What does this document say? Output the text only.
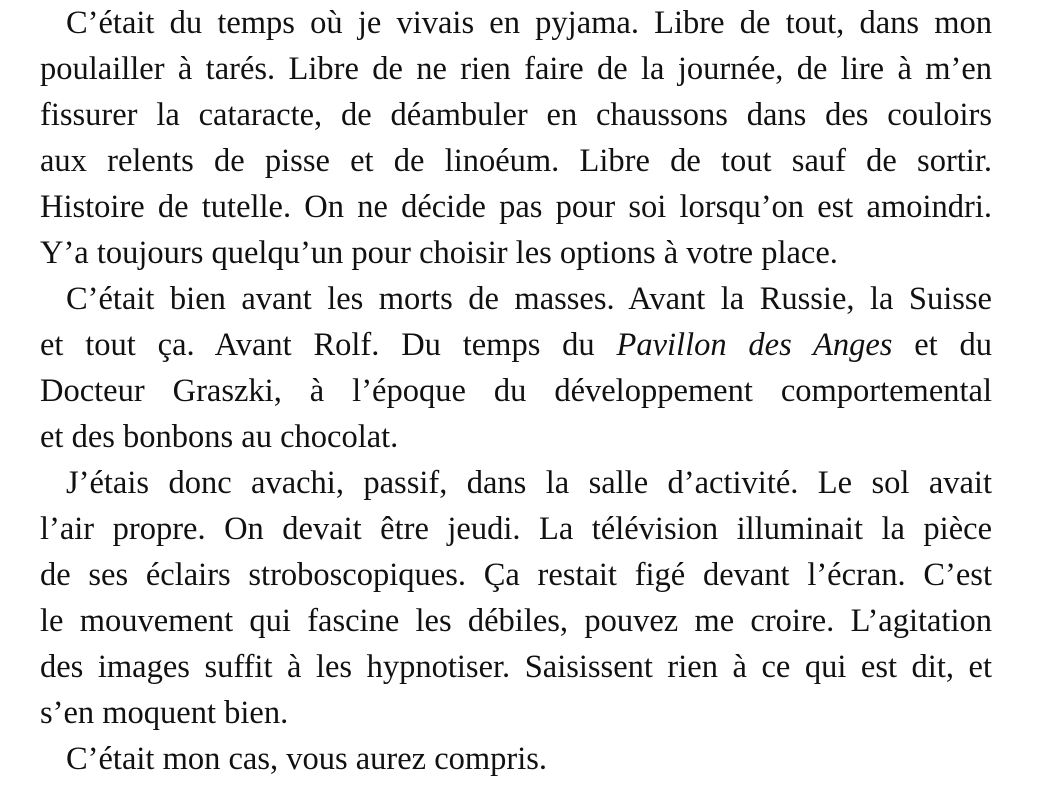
C’était du temps où je vivais en pyjama. Libre de tout, dans mon
poulailler à tarés. Libre de ne rien faire de la journée, de lire à m’en
fissurer la cataracte, de déambuler en chaussons dans des couloirs
aux relents de pisse et de linoéum. Libre de tout sauf de sortir.
Histoire de tutelle. On ne décide pas pour soi lorsqu’on est amoindri.
Y’a toujours quelqu’un pour choisir les options à votre place.
C’était bien avant les morts de masses. Avant la Russie, la Suisse
et tout ça. Avant Rolf. Du temps du Pavillon des Anges et du
Docteur Graszki, à l’époque du développement comportemental
et des bonbons au chocolat.
J’étais donc avachi, passif, dans la salle d’activité. Le sol avait
l’air propre. On devait être jeudi. La télévision illuminait la pièce
de ses éclairs stroboscopiques. Ça restait figé devant l’écran. C’est
le mouvement qui fascine les débiles, pouvez me croire. L’agitation
des images suffit à les hypnotiser. Saisissent rien à ce qui est dit, et
s’en moquent bien.
C’était mon cas, vous aurez compris.
